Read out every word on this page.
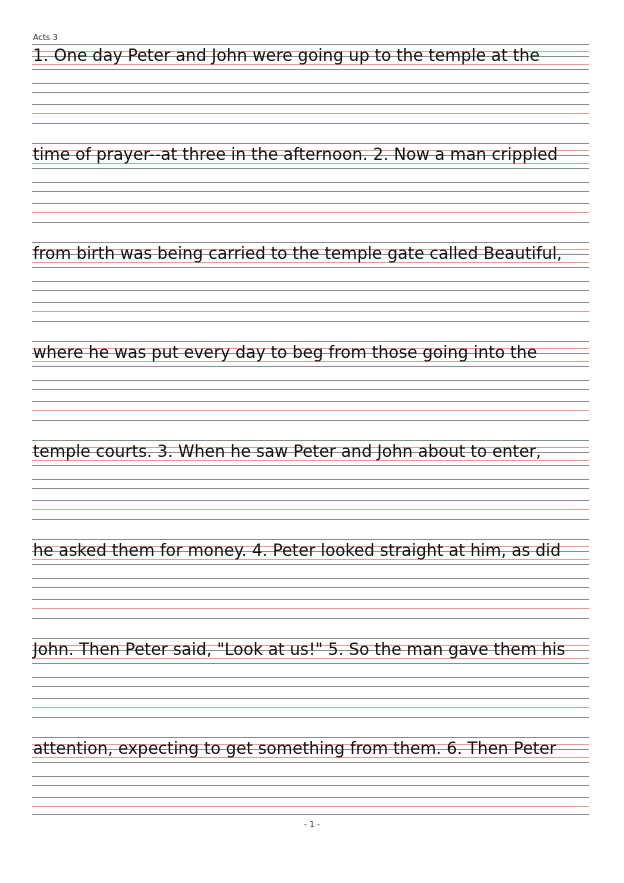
Acts 3
1. One day Peter and John were going up to the temple at the
time of prayer--at three in the afternoon. 2. Now a man crippled
from birth was being carried to the temple gate called Beautiful,
where he was put every day to beg from those going into the
temple courts. 3. When he saw Peter and John about to enter,
he asked them for money. 4. Peter looked straight at him, as did
John. Then Peter said, "Look at us!" 5. So the man gave them his
attention, expecting to get something from them. 6. Then Peter
- 1 -
